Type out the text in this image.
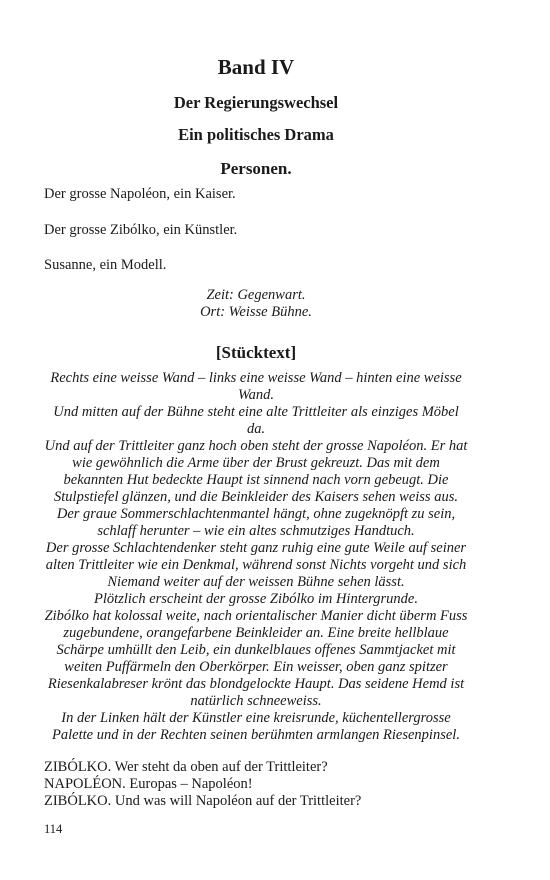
Band IV
Der Regierungswechsel
Ein politisches Drama
Personen.
Der grosse Napoléon, ein Kaiser.
Der grosse Zibólko, ein Künstler.
Susanne, ein Modell.
Zeit: Gegenwart.
Ort: Weisse Bühne.
[Stücktext]

Rechts eine weisse Wand – links eine weisse Wand – hinten eine weisse Wand.

Und mitten auf der Bühne steht eine alte Trittleiter als einziges Möbel da.

Und auf der Trittleiter ganz hoch oben steht der grosse Napoléon. Er hat wie gewöhnlich die Arme über der Brust gekreuzt. Das mit dem bekannten Hut bedeckte Haupt ist sinnend nach vorn gebeugt. Die Stulpstiefel glänzen, und die Beinkleider des Kaisers sehen weiss aus. Der graue Sommerschlachtenmantel hängt, ohne zugeknöpft zu sein, schlaff herunter – wie ein altes schmutziges Handtuch.

Der grosse Schlachtendenker steht ganz ruhig eine gute Weile auf seiner alten Trittleiter wie ein Denkmal, während sonst Nichts vorgeht und sich Niemand weiter auf der weissen Bühne sehen lässt.

Plötzlich erscheint der grosse Zibólko im Hintergrunde.

Zibólko hat kolossal weite, nach orientalischer Manier dicht überm Fuss zugebundene, orangefarbene Beinkleider an. Eine breite hellblaue Schärpe umhüllt den Leib, ein dunkelblaues offenes Sammtjacket mit weiten Puffärmeln den Oberkörper. Ein weisser, oben ganz spitzer Riesenkalabreser krönt das blondgelockte Haupt. Das seidene Hemd ist natürlich schneeweiss.

In der Linken hält der Künstler eine kreisrunde, küchentellergrosse Palette und in der Rechten seinen berühmten armlangen Riesenpinsel.

ZIBÓLKO. Wer steht da oben auf der Trittleiter?

NAPOLÉON. Europas – Napoléon!

ZIBÓLKO. Und was will Napoléon auf der Trittleiter?

114
